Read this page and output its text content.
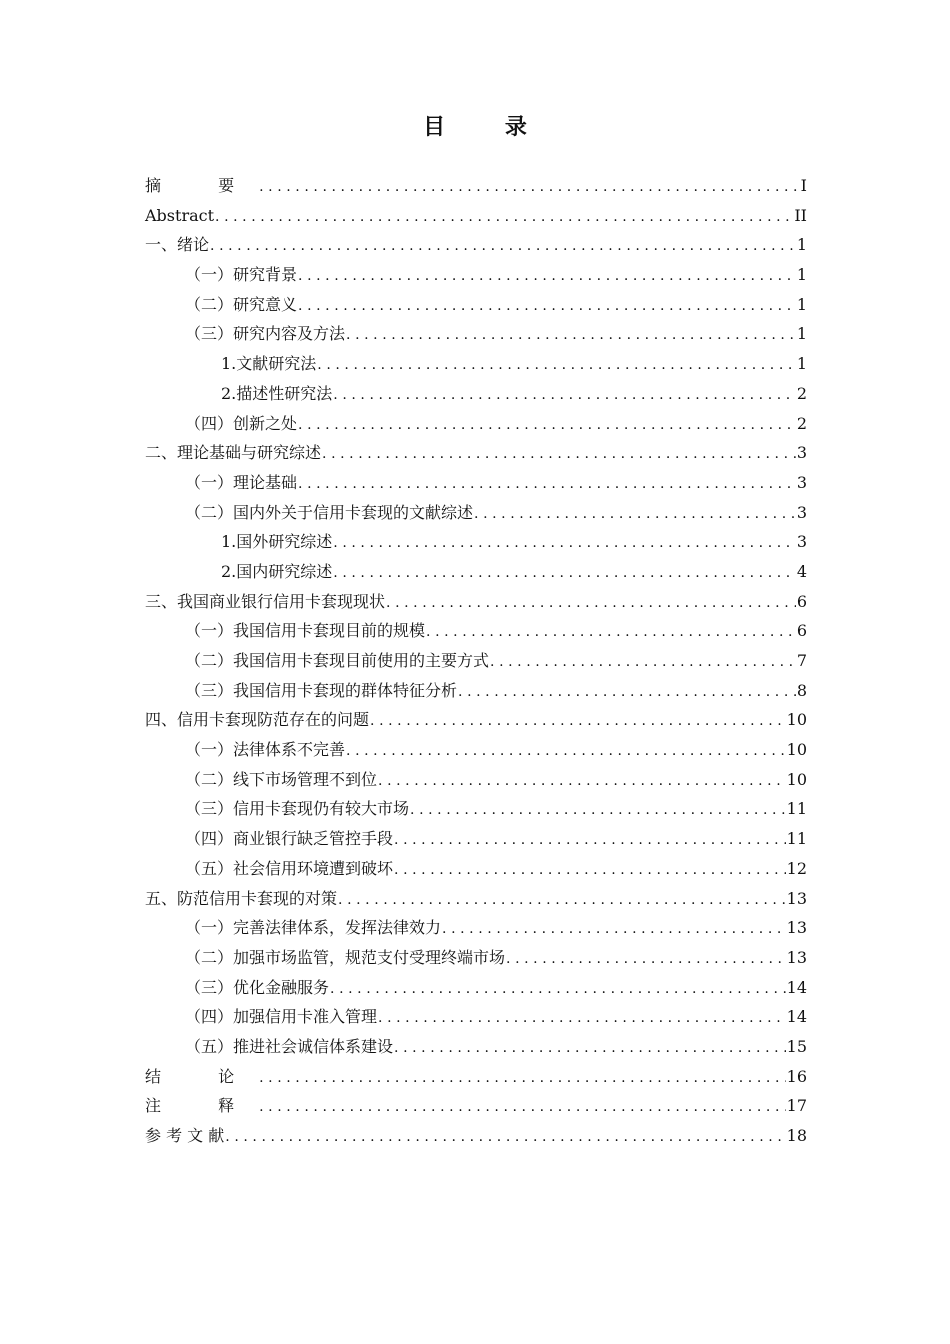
目 录
摘 要 .....	I
Abstract .....	II
一、绪论 .....	1
（一）研究背景 .....	1
（二）研究意义 .....	1
（三）研究内容及方法 .....	1
1.文献研究法 .....	1
2.描述性研究法 .....	2
（四）创新之处 .....	2
二、理论基础与研究综述 .....	3
（一）理论基础 .....	3
（二）国内外关于信用卡套现的文献综述 .....	3
1.国外研究综述 .....	3
2.国内研究综述 .....	4
三、我国商业银行信用卡套现现状 .....	6
（一）我国信用卡套现目前的规模 .....	6
（二）我国信用卡套现目前使用的主要方式 .....	7
（三）我国信用卡套现的群体特征分析 .....	8
四、信用卡套现防范存在的问题 .....	10
（一）法律体系不完善 .....	10
（二）线下市场管理不到位 .....	10
（三）信用卡套现仍有较大市场 .....	11
（四）商业银行缺乏管控手段 .....	11
（五）社会信用环境遭到破坏 .....	12
五、防范信用卡套现的对策 .....	13
（一）完善法律体系，发挥法律效力 .....	13
（二）加强市场监管，规范支付受理终端市场 .....	13
（三）优化金融服务 .....	14
（四）加强信用卡准入管理 .....	14
（五）推进社会诚信体系建设 .....	15
结 论 .....	16
注 释 .....	17
参 考 文 献 .....	18
